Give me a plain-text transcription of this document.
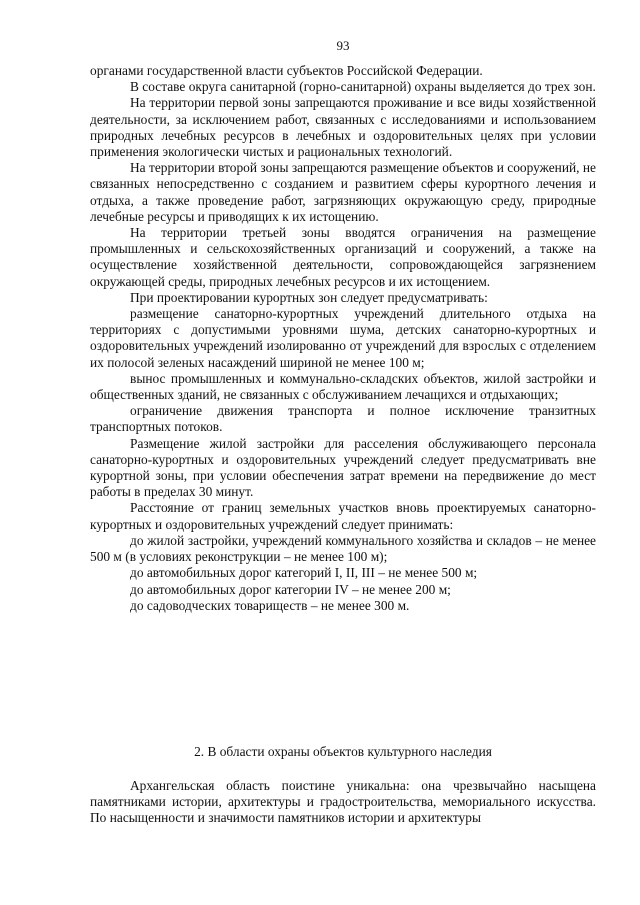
93

органами государственной власти субъектов Российской Федерации.

В составе округа санитарной (горно-санитарной) охраны выделяется до трех зон.

На территории первой зоны запрещаются проживание и все виды хозяйственной деятельности, за исключением работ, связанных с исследованиями и использованием природных лечебных ресурсов в лечебных и оздоровительных целях при условии применения экологически чистых и рациональных технологий.

На территории второй зоны запрещаются размещение объектов и сооружений, не связанных непосредственно с созданием и развитием сферы курортного лечения и отдыха, а также проведение работ, загрязняющих окружающую среду, природные лечебные ресурсы и приводящих к их истощению.

На территории третьей зоны вводятся ограничения на размещение промышленных и сельскохозяйственных организаций и сооружений, а также на осуществление хозяйственной деятельности, сопровождающейся загрязнением окружающей среды, природных лечебных ресурсов и их истощением.

При проектировании курортных зон следует предусматривать:

размещение санаторно-курортных учреждений длительного отдыха на территориях с допустимыми уровнями шума, детских санаторно-курортных и оздоровительных учреждений изолированно от учреждений для взрослых с отделением их полосой зеленых насаждений шириной не менее 100 м;

вынос промышленных и коммунально-складских объектов, жилой застройки и общественных зданий, не связанных с обслуживанием лечащихся и отдыхающих;

ограничение движения транспорта и полное исключение транзитных транспортных потоков.

Размещение жилой застройки для расселения обслуживающего персонала санаторно-курортных и оздоровительных учреждений следует предусматривать вне курортной зоны, при условии обеспечения затрат времени на передвижение до мест работы в пределах 30 минут.

Расстояние от границ земельных участков вновь проектируемых санаторно-курортных и оздоровительных учреждений следует принимать:

до жилой застройки, учреждений коммунального хозяйства и складов – не менее 500 м (в условиях реконструкции – не менее 100 м);

до автомобильных дорог категорий I, II, III – не менее 500 м;

до автомобильных дорог категории IV – не менее 200 м;

до садоводческих товариществ – не менее 300 м.

2. В области охраны объектов культурного наследия

Архангельская область поистине уникальна: она чрезвычайно насыщена памятниками истории, архитектуры и градостроительства, мемориального искусства. По насыщенности и значимости памятников истории и архитектуры
